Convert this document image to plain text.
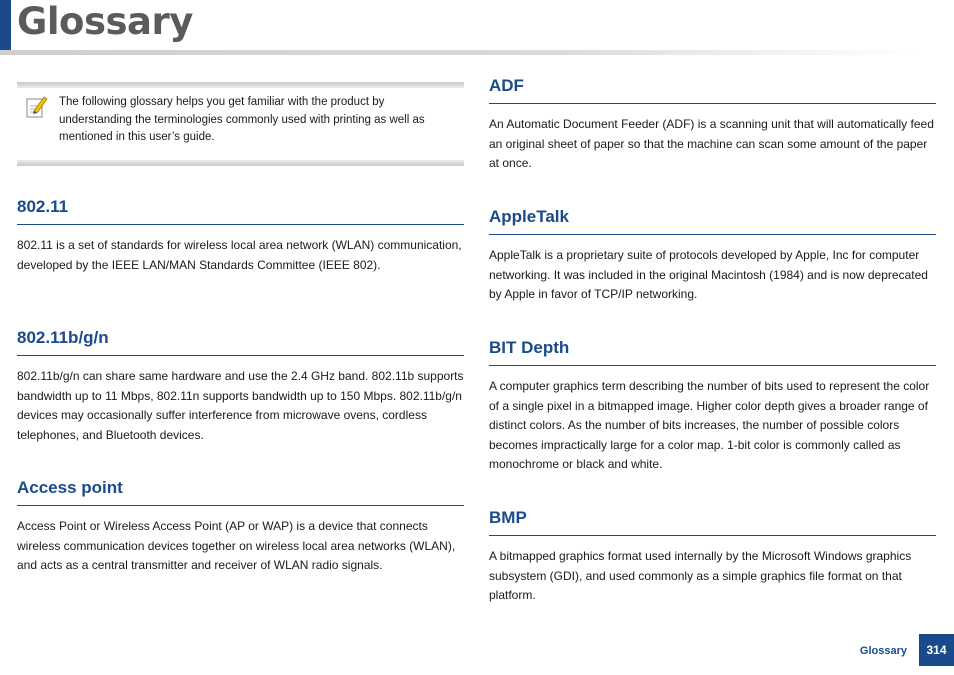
Glossary
The following glossary helps you get familiar with the product by understanding the terminologies commonly used with printing as well as mentioned in this user’s guide.
802.11

802.11 is a set of standards for wireless local area network (WLAN) communication, developed by the IEEE LAN/MAN Standards Committee (IEEE 802).

802.11b/g/n

802.11b/g/n can share same hardware and use the 2.4 GHz band. 802.11b supports bandwidth up to 11 Mbps, 802.11n supports bandwidth up to 150 Mbps. 802.11b/g/n devices may occasionally suffer interference from microwave ovens, cordless telephones, and Bluetooth devices.

Access point

Access Point or Wireless Access Point (AP or WAP) is a device that connects wireless communication devices together on wireless local area networks (WLAN), and acts as a central transmitter and receiver of WLAN radio signals.

ADF

An Automatic Document Feeder (ADF) is a scanning unit that will automatically feed an original sheet of paper so that the machine can scan some amount of the paper at once.

AppleTalk

AppleTalk is a proprietary suite of protocols developed by Apple, Inc for computer networking. It was included in the original Macintosh (1984) and is now deprecated by Apple in favor of TCP/IP networking.

BIT Depth

A computer graphics term describing the number of bits used to represent the color of a single pixel in a bitmapped image. Higher color depth gives a broader range of distinct colors. As the number of bits increases, the number of possible colors becomes impractically large for a color map. 1-bit color is commonly called as monochrome or black and white.

BMP

A bitmapped graphics format used internally by the Microsoft Windows graphics subsystem (GDI), and used commonly as a simple graphics file format on that platform.

Glossary	314
